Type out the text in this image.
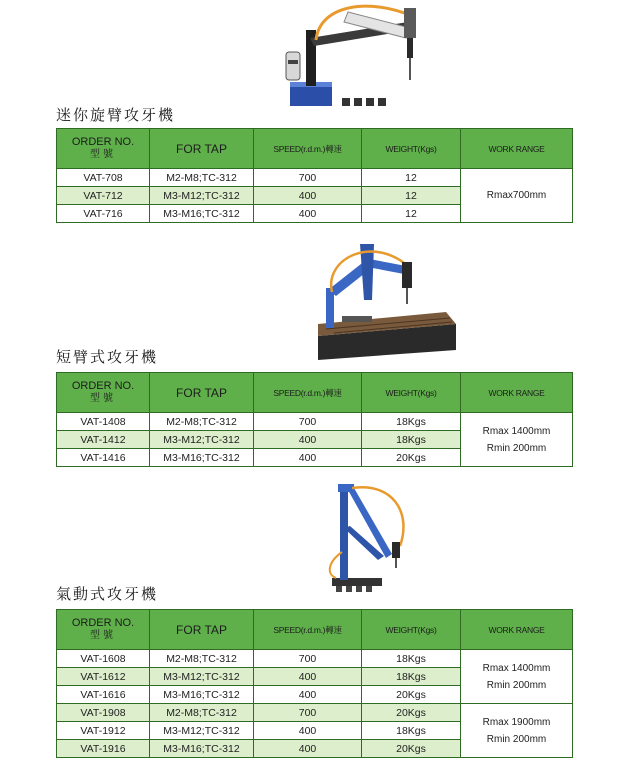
迷你旋臂攻牙機
ORDER NO.
型號	FOR TAP	SPEED(r.d.m.)轉速	WEIGHT(Kgs)	WORK RANGE
VAT-708	M2-M8;TC-312	700	12	Rmax700mm
VAT-712	M3-M12;TC-312	400	12	
VAT-716	M3-M16;TC-312	400	12	
短臂式攻牙機
ORDER NO.
型號	FOR TAP	SPEED(r.d.m.)轉速	WEIGHT(Kgs)	WORK RANGE
VAT-1408	M2-M8;TC-312	700	18Kgs	Rmax 1400mm
Rmin 200mm

VAT-1412	M3-M12;TC-312	400	18Kgs	
VAT-1416	M3-M16;TC-312	400	20Kgs	
氣動式攻牙機
ORDER NO.
型號	FOR TAP	SPEED(r.d.m.)轉速	WEIGHT(Kgs)	WORK RANGE
VAT-1608	M2-M8;TC-312	700	18Kgs	Rmax 1400mm
Rmin 200mm

VAT-1612	M3-M12;TC-312	400	18Kgs	
VAT-1616	M3-M16;TC-312	400	20Kgs	
VAT-1908	M2-M8;TC-312	700	20Kgs	Rmax 1900mm
Rmin 200mm

VAT-1912	M3-M12;TC-312	400	18Kgs	
VAT-1916	M3-M16;TC-312	400	20Kgs	
